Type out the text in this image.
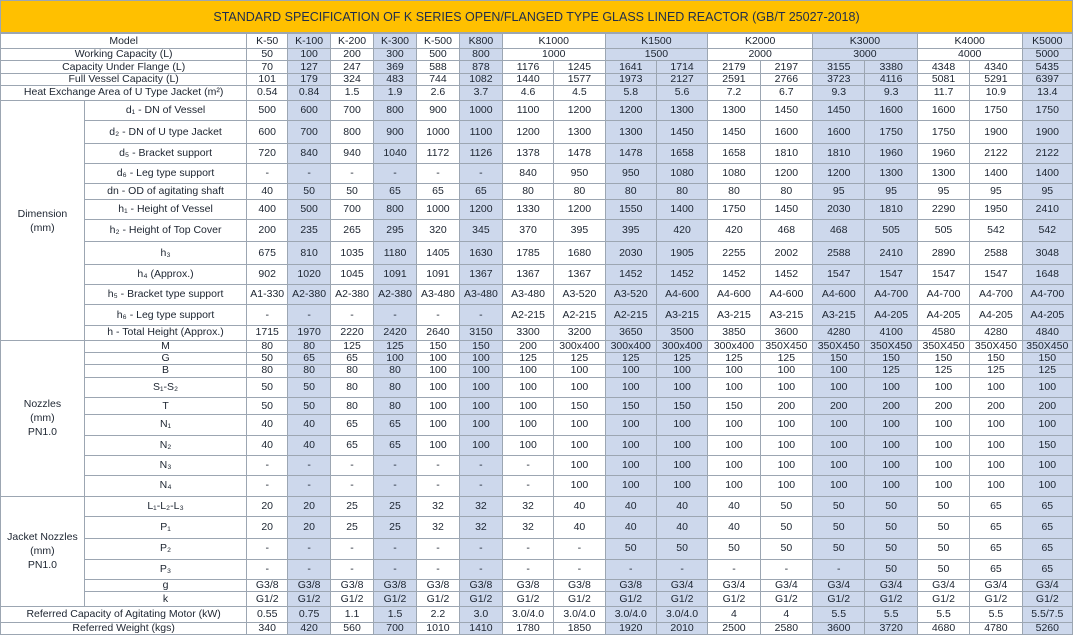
STANDARD SPECIFICATION OF K SERIES OPEN/FLANGED TYPE GLASS LINED REACTOR (GB/T 25027-2018)
Model		K-50	K-100	K-200	K-300	K-500	K800	K1000		K1500		K2000		K3000		K4000		K5000
Working Capacity (L)		50	100	200	300	500	800	1000		1500		2000		3000		4000		5000
Capacity Under Flange (L)		70	127	247	369	588	878	1176	1245	1641	1714	2179	2197	3155	3380	4348	4340	5435
Full Vessel Capacity (L)		101	179	324	483	744	1082	1440	1577	1973	2127	2591	2766	3723	4116	5081	5291	6397
Heat Exchange Area of U Type Jacket (m²)		0.54	0.84	1.5	1.9	2.6	3.7	4.6	4.5	5.8	5.6	7.2	6.7	9.3	9.3	11.7	10.9	13.4
Dimension
(mm)	d₁ - DN of Vessel	500	600	700	800	900	1000	1100	1200	1200	1300	1300	1450	1450	1600	1600	1750	1750
	d₂ - DN of U type Jacket	600	700	800	900	1000	1100	1200	1300	1300	1450	1450	1600	1600	1750	1750	1900	1900
	d₅ - Bracket support	720	840	940	1040	1172	1126	1378	1478	1478	1658	1658	1810	1810	1960	1960	2122	2122
	d₆ - Leg type support	-	-	-	-	-	-	840	950	950	1080	1080	1200	1200	1300	1300	1400	1400
	dn - OD of agitating shaft	40	50	50	65	65	65	80	80	80	80	80	80	95	95	95	95	95
	h₁ - Height of Vessel	400	500	700	800	1000	1200	1330	1200	1550	1400	1750	1450	2030	1810	2290	1950	2410
	h₂ - Height of Top Cover	200	235	265	295	320	345	370	395	395	420	420	468	468	505	505	542	542
	h₃	675	810	1035	1180	1405	1630	1785	1680	2030	1905	2255	2002	2588	2410	2890	2588	3048
	h₄ (Approx.)	902	1020	1045	1091	1091	1367	1367	1367	1452	1452	1452	1452	1547	1547	1547	1547	1648
	h₅ - Bracket type support	A1-330	A2-380	A2-380	A2-380	A3-480	A3-480	A3-480	A3-520	A3-520	A4-600	A4-600	A4-600	A4-600	A4-700	A4-700	A4-700	A4-700
	h₆ - Leg type support	-	-	-	-	-	-	A2-215	A2-215	A2-215	A3-215	A3-215	A3-215	A3-215	A4-205	A4-205	A4-205	A4-205
	h - Total Height (Approx.)	1715	1970	2220	2420	2640	3150	3300	3200	3650	3500	3850	3600	4280	4100	4580	4280	4840
Nozzles
(mm)
PN1.0	M	80	80	125	125	150	150	200	300x400	300x400	300x400	300x400	350X450	350X450	350X450	350X450	350X450	350X450
	G	50	65	65	100	100	100	125	125	125	125	125	125	150	150	150	150	150
	B	80	80	80	80	100	100	100	100	100	100	100	100	100	125	125	125	125
	S₁-S₂	50	50	80	80	100	100	100	100	100	100	100	100	100	100	100	100	100
	T	50	50	80	80	100	100	100	150	150	150	150	200	200	200	200	200	200
	N₁	40	40	65	65	100	100	100	100	100	100	100	100	100	100	100	100	100
	N₂	40	40	65	65	100	100	100	100	100	100	100	100	100	100	100	100	150
	N₃	-	-	-	-	-	-	-	100	100	100	100	100	100	100	100	100	100
	N₄	-	-	-	-	-	-	-	100	100	100	100	100	100	100	100	100	100
Jacket Nozzles
(mm)
PN1.0	L₁-L₂-L₃	20	20	25	25	32	32	32	40	40	40	40	50	50	50	50	65	65
	P₁	20	20	25	25	32	32	32	40	40	40	40	50	50	50	50	65	65
	P₂	-	-	-	-	-	-	-	-	50	50	50	50	50	50	50	65	65
	P₃	-	-	-	-	-	-	-	-	-	-	-	-	-	50	50	65	65
	g	G3/8	G3/8	G3/8	G3/8	G3/8	G3/8	G3/8	G3/8	G3/8	G3/4	G3/4	G3/4	G3/4	G3/4	G3/4	G3/4	G3/4
	k	G1/2	G1/2	G1/2	G1/2	G1/2	G1/2	G1/2	G1/2	G1/2	G1/2	G1/2	G1/2	G1/2	G1/2	G1/2	G1/2	G1/2
Referred Capacity of Agitating Motor (kW)		0.55	0.75	1.1	1.5	2.2	3.0	3.0/4.0	3.0/4.0	3.0/4.0	3.0/4.0	4	4	5.5	5.5	5.5	5.5	5.5/7.5
Referred Weight (kgs)		340	420	560	700	1010	1410	1780	1850	1920	2010	2500	2580	3600	3720	4680	4780	5260
